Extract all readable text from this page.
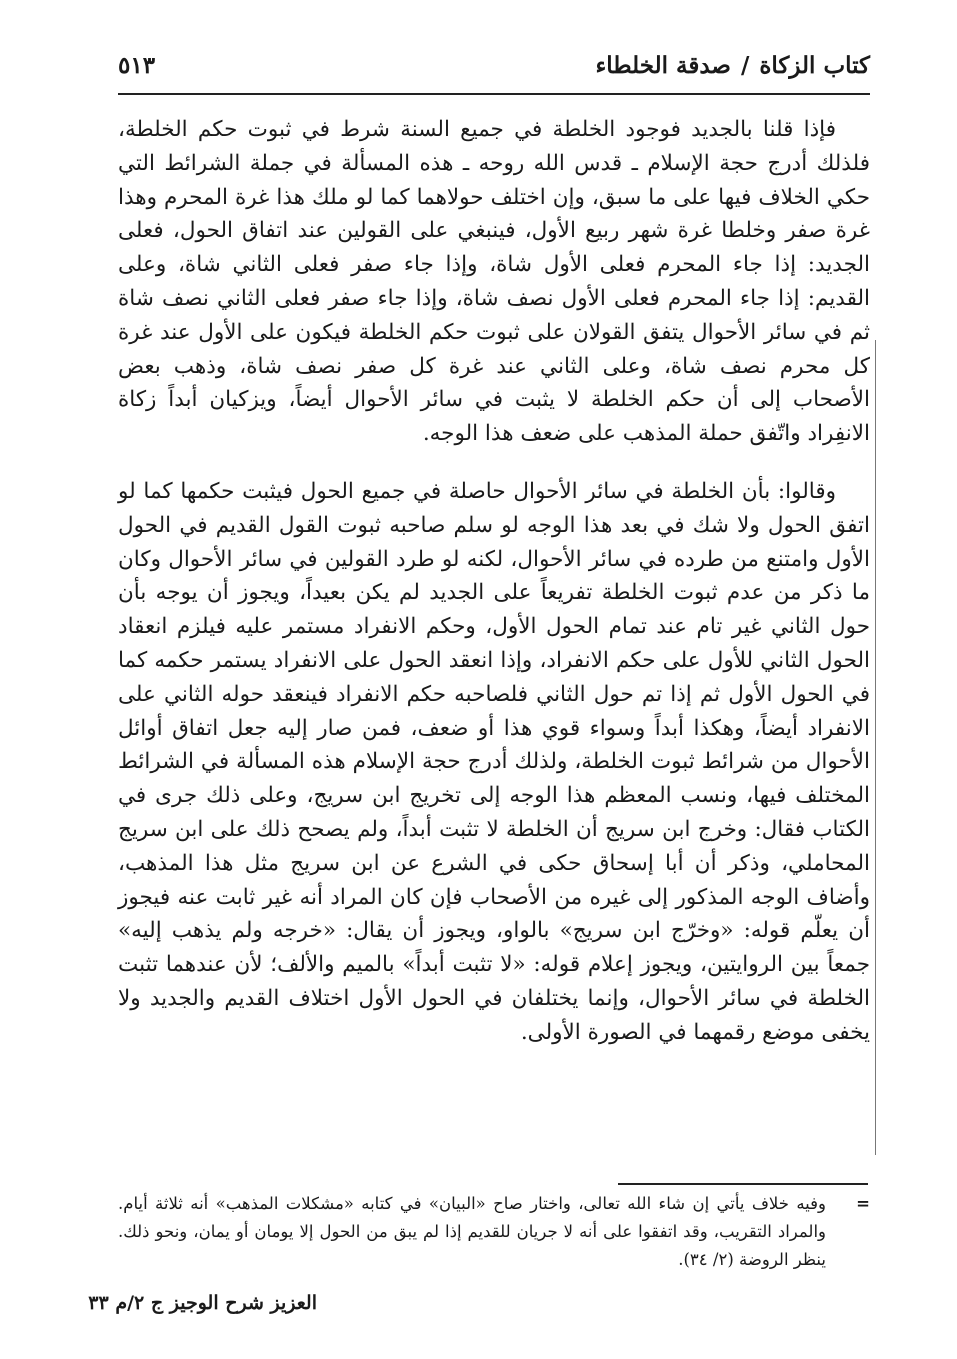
كتاب الزكاة/صدقة الخلطاء
٥١٣

فإذا قلنا بالجديد فوجود الخلطة في جميع السنة شرط في ثبوت حكم الخلطة، فلذلك أدرج حجة الإسلام ـ قدس الله روحه ـ هذه المسألة في جملة الشرائط التي حكي الخلاف فيها على ما سبق، وإن اختلف حولاهما كما لو ملك هذا غرة المحرم وهذا غرة صفر وخلطا غرة شهر ربيع الأول، فينبغي على القولين عند اتفاق الحول، فعلى الجديد: إذا جاء المحرم فعلى الأول شاة، وإذا جاء صفر فعلى الثاني شاة، وعلى القديم: إذا جاء المحرم فعلى الأول نصف شاة، وإذا جاء صفر فعلى الثاني نصف شاة ثم في سائر الأحوال يتفق القولان على ثبوت حكم الخلطة فيكون على الأول عند غرة كل محرم نصف شاة، وعلى الثاني عند غرة كل صفر نصف شاة، وذهب بعض الأصحاب إلى أن حكم الخلطة لا يثبت في سائر الأحوال أيضاً، ويزكيان أبداً زكاة الانفِراد واتّفق حملة المذهب على ضعف هذا الوجه.

وقالوا: بأن الخلطة في سائر الأحوال حاصلة في جميع الحول فيثبت حكمها كما لو اتفق الحول ولا شك في بعد هذا الوجه لو سلم صاحبه ثبوت القول القديم في الحول الأول وامتنع من طرده في سائر الأحوال، لكنه لو طرد القولين في سائر الأحوال وكان ما ذكر من عدم ثبوت الخلطة تفريعاً على الجديد لم يكن بعيداً، ويجوز أن يوجه بأن حول الثاني غير تام عند تمام الحول الأول، وحكم الانفراد مستمر عليه فيلزم انعقاد الحول الثاني للأول على حكم الانفراد، وإذا انعقد الحول على الانفراد يستمر حكمه كما في الحول الأول ثم إذا تم حول الثاني فلصاحبه حكم الانفراد فينعقد حوله الثاني على الانفراد أيضاً، وهكذا أبداً وسواء قوي هذا أو ضعف، فمن صار إليه جعل اتفاق أوائل الأحوال من شرائط ثبوت الخلطة، ولذلك أدرج حجة الإسلام هذه المسألة في الشرائط المختلف فيها، ونسب المعظم هذا الوجه إلى تخريج ابن سريج، وعلى ذلك جرى في الكتاب فقال: وخرج ابن سريج أن الخلطة لا تثبت أبداً، ولم يصحح ذلك على ابن سريج المحاملي، وذكر أن أبا إسحاق حكى في الشرع عن ابن سريج مثل هذا المذهب، وأضاف الوجه المذكور إلى غيره من الأصحاب فإن كان المراد أنه غير ثابت عنه فيجوز أن يعلّم قوله: «وخرّج ابن سريج» بالواو، ويجوز أن يقال: «خرجه ولم يذهب إليه» جمعاً بين الروايتين، ويجوز إعلام قوله: «لا تثبت أبداً» بالميم والألف؛ لأن عندهما تثبت الخلطة في سائر الأحوال، وإنما يختلفان في الحول الأول اختلاف القديم والجديد ولا يخفى موضع رقمهما في الصورة الأولى.

=
وفيه خلاف يأتي إن شاء الله تعالى، واختار صاح «البيان» في كتابه «مشكلات المذهب» أنه ثلاثة أيام. والمراد التقريب، وقد اتفقوا على أنه لا جريان للقديم إذا لم يبق من الحول إلا يومان أو يمان، ونحو ذلك. ينظر الروضة (٢/ ٣٤).
العزيز شرح الوجيز ج ٢/م ٣٣
